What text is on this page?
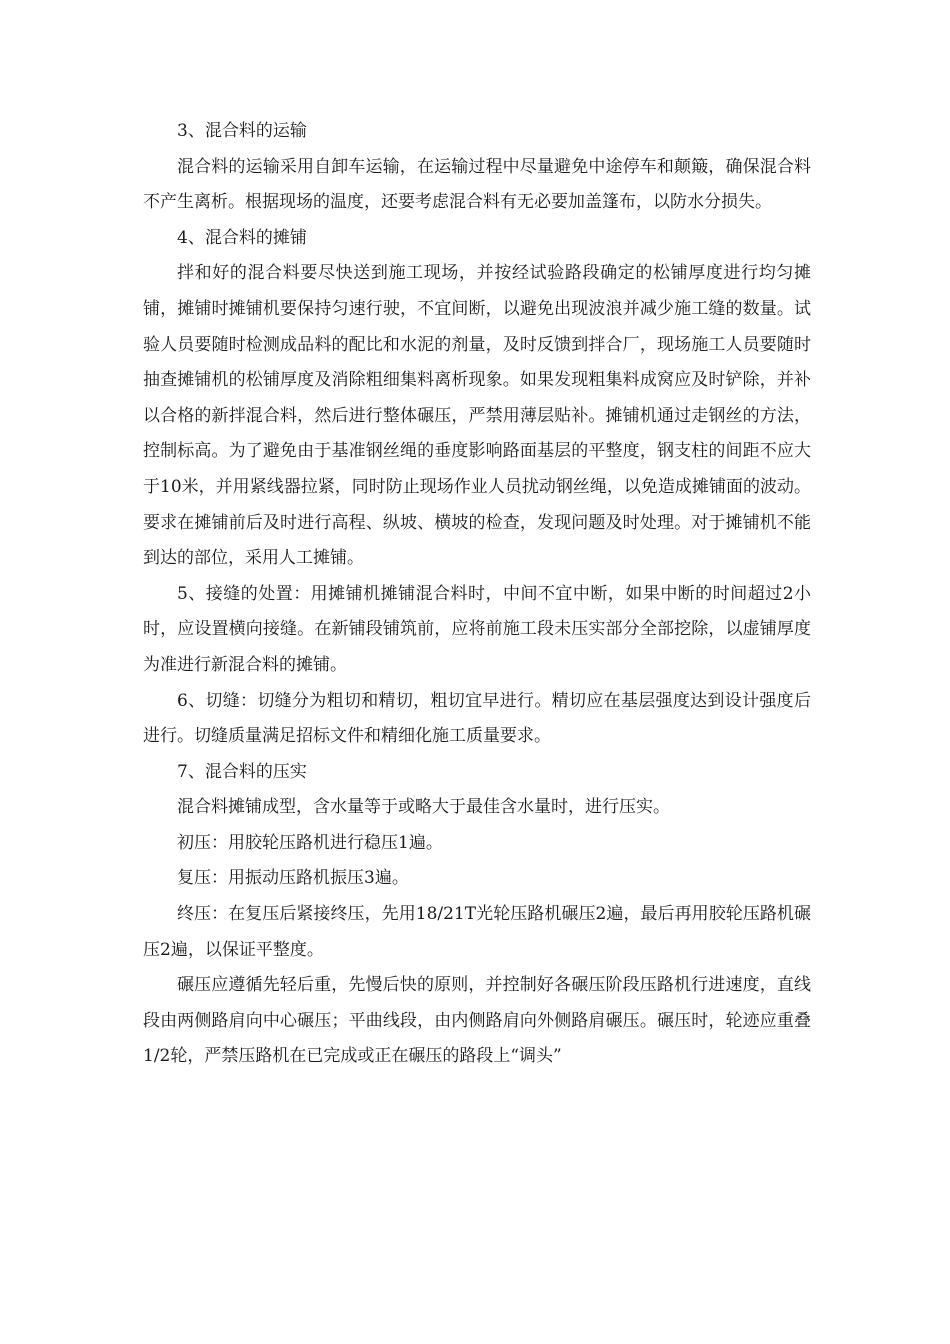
3、混合料的运输

混合料的运输采用自卸车运输，在运输过程中尽量避免中途停车和颠簸，确保混合料不产生离析。根据现场的温度，还要考虑混合料有无必要加盖篷布，以防水分损失。

4、混合料的摊铺

拌和好的混合料要尽快送到施工现场，并按经试验路段确定的松铺厚度进行均匀摊铺，摊铺时摊铺机要保持匀速行驶，不宜间断，以避免出现波浪并减少施工缝的数量。试验人员要随时检测成品料的配比和水泥的剂量，及时反馈到拌合厂，现场施工人员要随时抽查摊铺机的松铺厚度及消除粗细集料离析现象。如果发现粗集料成窝应及时铲除，并补以合格的新拌混合料，然后进行整体碾压，严禁用薄层贴补。摊铺机通过走钢丝的方法，控制标高。为了避免由于基准钢丝绳的垂度影响路面基层的平整度，钢支柱的间距不应大于10米，并用紧线器拉紧，同时防止现场作业人员扰动钢丝绳，以免造成摊铺面的波动。要求在摊铺前后及时进行高程、纵坡、横坡的检查，发现问题及时处理。对于摊铺机不能到达的部位，采用人工摊铺。

5、接缝的处置：用摊铺机摊铺混合料时，中间不宜中断，如果中断的时间超过2小时，应设置横向接缝。在新铺段铺筑前，应将前施工段未压实部分全部挖除，以虚铺厚度为准进行新混合料的摊铺。

6、切缝：切缝分为粗切和精切，粗切宜早进行。精切应在基层强度达到设计强度后进行。切缝质量满足招标文件和精细化施工质量要求。

7、混合料的压实

混合料摊铺成型，含水量等于或略大于最佳含水量时，进行压实。

初压：用胶轮压路机进行稳压1遍。

复压：用振动压路机振压3遍。

终压：在复压后紧接终压，先用18/21T光轮压路机碾压2遍，最后再用胶轮压路机碾压2遍，以保证平整度。

碾压应遵循先轻后重，先慢后快的原则，并控制好各碾压阶段压路机行进速度，直线段由两侧路肩向中心碾压；平曲线段，由内侧路肩向外侧路肩碾压。碾压时，轮迹应重叠1/2轮，严禁压路机在已完成或正在碾压的路段上“调头”
